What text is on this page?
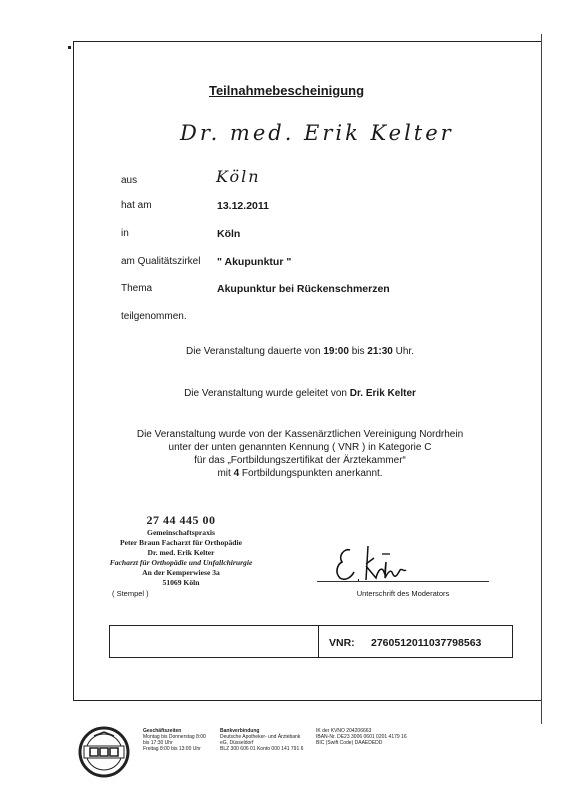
Teilnahmebescheinigung
Dr. med. Erik Kelter
aus	Köln
hat am	13.12.2011
in	Köln
am Qualitätszirkel " Akupunktur "
Thema	Akupunktur bei Rückenschmerzen
teilgenommen.
Die Veranstaltung dauerte von 19:00 bis 21:30 Uhr.
Die Veranstaltung wurde geleitet von Dr. Erik Kelter
Die Veranstaltung wurde von der Kassenärztlichen Vereinigung Nordrhein
unter der unten genannten Kennung ( VNR ) in Kategorie C
für das „Fortbildungszertifikat der Ärztekammer“
mit 4 Fortbildungspunkten anerkannt.
27 44 445 00
Gemeinschaftspraxis
Peter Braun Facharzt für Orthopädie
Dr. med. Erik Kelter
Facharzt für Orthopädie und Unfallchirurgie
An der Kemperwiese 3a
51069 Köln
( Stempel )	Unterschrift des Moderators
VNR: 2760512011037798563
Geschäftszeiten
Montag bis Donnerstag 8:00
bis 17:30 Uhr
Freitag 8:00 bis 13:00 Uhr
Bankverbindung
Deutsche Apotheker- und Ärztebank
eG, Düsseldorf
BLZ 300 606 01 Konto 000 141 791 6
IK der KVNO 204206663
IBAN-Nr. DE23 3006 0601 0201 4179 16
BIC (Swift Code) DAAEDEDD
